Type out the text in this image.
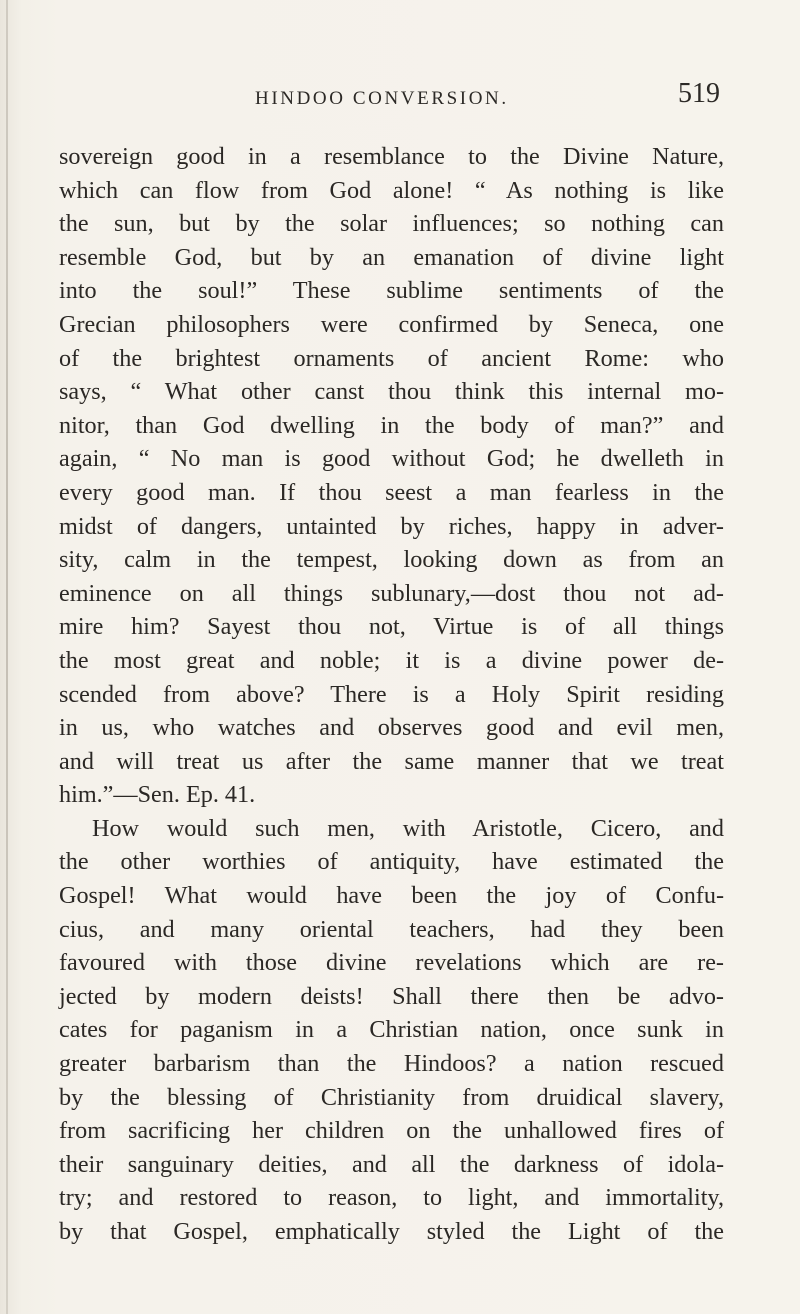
HINDOO CONVERSION.	519
sovereign good in a resemblance to the Divine Nature,
which can flow from God alone! “ As nothing is like
the sun, but by the solar influences; so nothing can
resemble God, but by an emanation of divine light
into the soul!” These sublime sentiments of the
Grecian philosophers were confirmed by Seneca, one
of the brightest ornaments of ancient Rome: who
says, “ What other canst thou think this internal mo-
nitor, than God dwelling in the body of man?” and
again, “ No man is good without God; he dwelleth in
every good man. If thou seest a man fearless in the
midst of dangers, untainted by riches, happy in adver-
sity, calm in the tempest, looking down as from an
eminence on all things sublunary,—dost thou not ad-
mire him? Sayest thou not, Virtue is of all things
the most great and noble; it is a divine power de-
scended from above? There is a Holy Spirit residing
in us, who watches and observes good and evil men,
and will treat us after the same manner that we treat
him.”—Sen. Ep. 41.
How would such men, with Aristotle, Cicero, and
the other worthies of antiquity, have estimated the
Gospel! What would have been the joy of Confu-
cius, and many oriental teachers, had they been
favoured with those divine revelations which are re-
jected by modern deists! Shall there then be advo-
cates for paganism in a Christian nation, once sunk in
greater barbarism than the Hindoos? a nation rescued
by the blessing of Christianity from druidical slavery,
from sacrificing her children on the unhallowed fires of
their sanguinary deities, and all the darkness of idola-
try; and restored to reason, to light, and immortality,
by that Gospel, emphatically styled the Light of the
